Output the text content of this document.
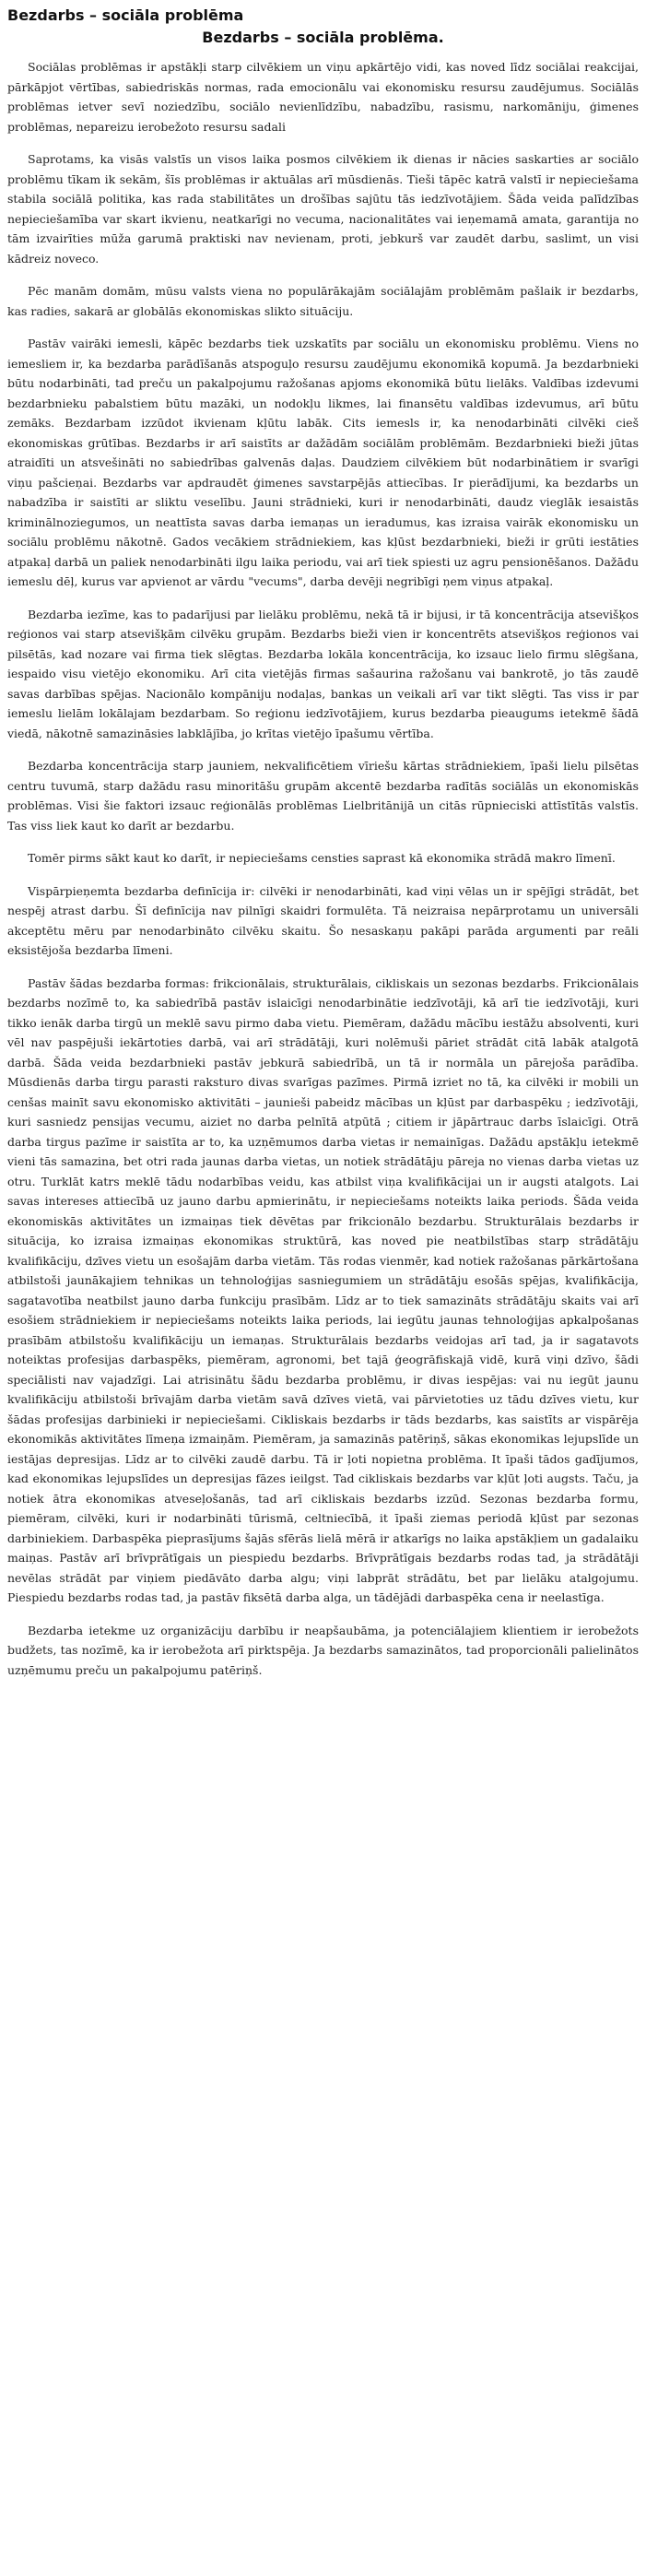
Bezdarbs – sociāla problēma
Bezdarbs – sociāla problēma.

Sociālas problēmas ir apstākļi starp cilvēkiem un viņu apkārtējo vidi, kas noved līdz sociālai reakcijai, pārkāpjot vērtības, sabiedriskās normas, rada emocionālu vai ekonomisku resursu zaudējumus. Sociālās problēmas ietver sevī noziedzību, sociālo nevienlīdzību, nabadzību, rasismu, narkomāniju, ģimenes problēmas, nepareizu ierobežoto resursu sadali

Saprotams, ka visās valstīs un visos laika posmos cilvēkiem ik dienas ir nācies saskarties ar sociālo problēmu tīkam ik sekām, šīs problēmas ir aktuālas arī mūsdienās. Tieši tāpēc katrā valstī ir nepieciešama stabila sociālā politika, kas rada stabilitātes un drošības sajūtu tās iedzīvotājiem. Šāda veida palīdzības nepieciešamība var skart ikvienu, neatkarīgi no vecuma, nacionalitātes vai ieņemamā amata, garantija no tām izvairīties mūža garumā praktiski nav nevienam, proti, jebkurš var zaudēt darbu, saslimt, un visi kādreiz noveco.

Pēc manām domām, mūsu valsts viena no populārākajām sociālajām problēmām pašlaik ir bezdarbs, kas radies, sakarā ar globālās ekonomiskas slikto situāciju.

Pastāv vairāki iemesli, kāpēc bezdarbs tiek uzskatīts par sociālu un ekonomisku problēmu. Viens no iemesliem ir, ka bezdarba parādīšanās atspoguļo resursu zaudējumu ekonomikā kopumā. Ja bezdarbnieki būtu nodarbināti, tad preču un pakalpojumu ražošanas apjoms ekonomikā būtu lielāks. Valdības izdevumi bezdarbnieku pabalstiem būtu mazāki, un nodokļu likmes, lai finansētu valdības izdevumus, arī būtu zemāks. Bezdarbam izzūdot ikvienam kļūtu labāk. Cits iemesls ir, ka nenodarbināti cilvēki cieš ekonomiskas grūtības. Bezdarbs ir arī saistīts ar dažādām sociālām problēmām. Bezdarbnieki bieži jūtas atraidīti un atsvešināti no sabiedrības galvenās daļas. Daudziem cilvēkiem būt nodarbinātiem ir svarīgi viņu pašcieņai. Bezdarbs var apdraudēt ģimenes savstarpējās attiecības. Ir pierādījumi, ka bezdarbs un nabadzība ir saistīti ar sliktu veselību. Jauni strādnieki, kuri ir nenodarbināti, daudz vieglāk iesaistās kriminālnoziegumos, un neattīsta savas darba iemaņas un ieradumus, kas izraisa vairāk ekonomisku un sociālu problēmu nākotnē. Gados vecākiem strādniekiem, kas kļūst bezdarbnieki, bieži ir grūti iestāties atpakaļ darbā un paliek nenodarbināti ilgu laika periodu, vai arī tiek spiesti uz agru pensionēšanos. Dažādu iemeslu dēļ, kurus var apvienot ar vārdu "vecums", darba devēji negribīgi ņem viņus atpakaļ.

Bezdarba iezīme, kas to padarījusi par lielāku problēmu, nekā tā ir bijusi, ir tā koncentrācija atsevišķos reģionos vai starp atsevišķām cilvēku grupām. Bezdarbs bieži vien ir koncentrēts atsevišķos reģionos vai pilsētās, kad nozare vai firma tiek slēgtas. Bezdarba lokāla koncentrācija, ko izsauc lielo firmu slēgšana, iespaido visu vietējo ekonomiku. Arī cita vietējās firmas sašaurina ražošanu vai bankrotē, jo tās zaudē savas darbības spējas. Nacionālo kompāniju nodaļas, bankas un veikali arī var tikt slēgti. Tas viss ir par iemeslu lielām lokālajam bezdarbam. So reģionu iedzīvotājiem, kurus bezdarba pieaugums ietekmē šādā viedā, nākotnē samazināsies labklājība, jo krītas vietējo īpašumu vērtība.

Bezdarba koncentrācija starp jauniem, nekvalificētiem vīriešu kārtas strādniekiem, īpaši lielu pilsētas centru tuvumā, starp dažādu rasu minoritāšu grupām akcentē bezdarba radītās sociālās un ekonomiskās problēmas. Visi šie faktori izsauc reģionālās problēmas Lielbritānijā un citās rūpnieciski attīstītās valstīs. Tas viss liek kaut ko darīt ar bezdarbu.

Tomēr pirms sākt kaut ko darīt, ir nepieciešams censties saprast kā ekonomika strādā makro līmenī.

Vispārpieņemta bezdarba definīcija ir: cilvēki ir nenodarbināti, kad viņi vēlas un ir spējīgi strādāt, bet nespēj atrast darbu. Šī definīcija nav pilnīgi skaidri formulēta. Tā neizraisa nepārprotamu un universāli akceptētu mēru par nenodarbināto cilvēku skaitu. Šo nesaskaņu pakāpi parāda argumenti par reāli eksistējoša bezdarba līmeni.

Pastāv šādas bezdarba formas: frikcionālais, strukturālais, cikliskais un sezonas bezdarbs. Frikcionālais bezdarbs nozīmē to, ka sabiedrībā pastāv islaicīgi nenodarbinātie iedzīvotāji, kā arī tie iedzīvotāji, kuri tikko ienāk darba tirgū un meklē savu pirmo dabа vietu. Piemēram, dažādu mācību iestāžu absolventi, kuri vēl nav paspējuši iekārtoties darbā, vai arī strādātāji, kuri nolēmuši pāriet strādāt citā labāk atalgotā darbā. Šāda veida bezdarbnieki pastāv jebkurā sabiedrībā, un tā ir normāla un pārejoša parādība. Mūsdienās darba tirgu parasti raksturo divas svarīgas pazīmes. Pirmā izriet no tā, ka cilvēki ir mobili un cenšas mainīt savu ekonomisko aktivitāti – jaunieši pabeidz mācības un kļūst par darbaspēku ; iedzīvotāji, kuri sasniedz pensijas vecumu, aiziet no darba pelnītā atpūtā ; citiem ir jāpārtrauc darbs īslaicīgi. Otrā darba tirgus pazīme ir saistīta ar to, ka uzņēmumos darba vietas ir nemainīgas. Dažādu apstākļu ietekmē vieni tās samazina, bet otri rada jaunas darba vietas, un notiek strādātāju pāreja no vienas darba vietas uz otru. Turklāt katrs meklē tādu nodarbības veidu, kas atbilst viņa kvalifikācijai un ir augsti atalgots. Lai savas intereses attiecībā uz jauno darbu apmierinātu, ir nepieciešams noteikts laika periods. Šāda veida ekonomiskās aktivitātes un izmaiņas tiek dēvētas par frikcionālo bezdarbu. Strukturālais bezdarbs ir situācija, ko izraisa izmaiņas ekonomikas struktūrā, kas noved pie neatbilstības starp strādātāju kvalifikāciju, dzīves vietu un esošajām darba vietām. Tās rodas vienmēr, kad notiek ražošanas pārkārtošana atbilstoši jaunākajiem tehnikas un tehnoloģijas sasniegumiem un strādātāju esošās spējas, kvalifikācija, sagatavotība neatbilst jauno darba funkciju prasībām. Līdz ar to tiek samazināts strādātāju skaits vai arī esošiem strādniekiem ir nepieciešams noteikts laika periods, lai iegūtu jaunas tehnoloģijas apkalpošanas prasībām atbilstošu kvalifikāciju un iemaņas. Strukturālais bezdarbs veidojas arī tad, ja ir sagatavots noteiktas profesijas darbaspēks, piemēram, agronomi, bet tajā ģeogrāfiskajā vidē, kurā viņi dzīvo, šādi speciālisti nav vajadzīgi. Lai atrisinātu šādu bezdarba problēmu, ir divas iespējas: vai nu iegūt jaunu kvalifikāciju atbilstoši brīvajām darba vietām savā dzīves vietā, vai pārvietoties uz tādu dzīves vietu, kur šādas profesijas darbinieki ir nepieciešami. Cikliskais bezdarbs ir tāds bezdarbs, kas saistīts ar vispārēja ekonomikās aktivitātes līmeņa izmaiņām. Piemēram, ja samazinās patēriņš, sākas ekonomikas lejupslīde un iestājas depresijas. Līdz ar to cilvēki zaudē darbu. Tā ir ļoti nopietna problēma. It īpaši tādos gadījumos, kad ekonomikas lejupslīdes un depresijas fāzes ieilgst. Tad cikliskais bezdarbs var kļūt ļoti augsts. Taču, ja notiek ātra ekonomikas atveseļošanās, tad arī cikliskais bezdarbs izzūd. Sezonas bezdarba formu, piemēram, cilvēki, kuri ir nodarbināti tūrismā, celtniecībā, it īpaši ziemas periodā kļūst par sezonas darbiniekiem. Darbaspēka pieprasījums šajās sfērās lielā mērā ir atkarīgs no laika apstākļiem un gadalaiku maiņas. Pastāv arī brīvprātīgais un piespiedu bezdarbs. Brīvprātīgais bezdarbs rodas tad, ja strādātāji nevēlas strādāt par viņiem piedāvāto darba algu; viņi labprāt strādātu, bet par lielāku atalgojumu. Piespiedu bezdarbs rodas tad, ja pastāv fiksētā darba alga, un tādējādi darbaspēka cena ir neelastīga.

Bezdarba ietekme uz organizāciju darbību ir neapšaubāma, ja potenciālajiem klientiem ir ierobežots budžets, tas nozīmē, ka ir ierobežota arī pirktspēja. Ja bezdarbs samazinātos, tad proporcionāli palielinātos uzņēmumu preču un pakalpojumu patēriņš.
